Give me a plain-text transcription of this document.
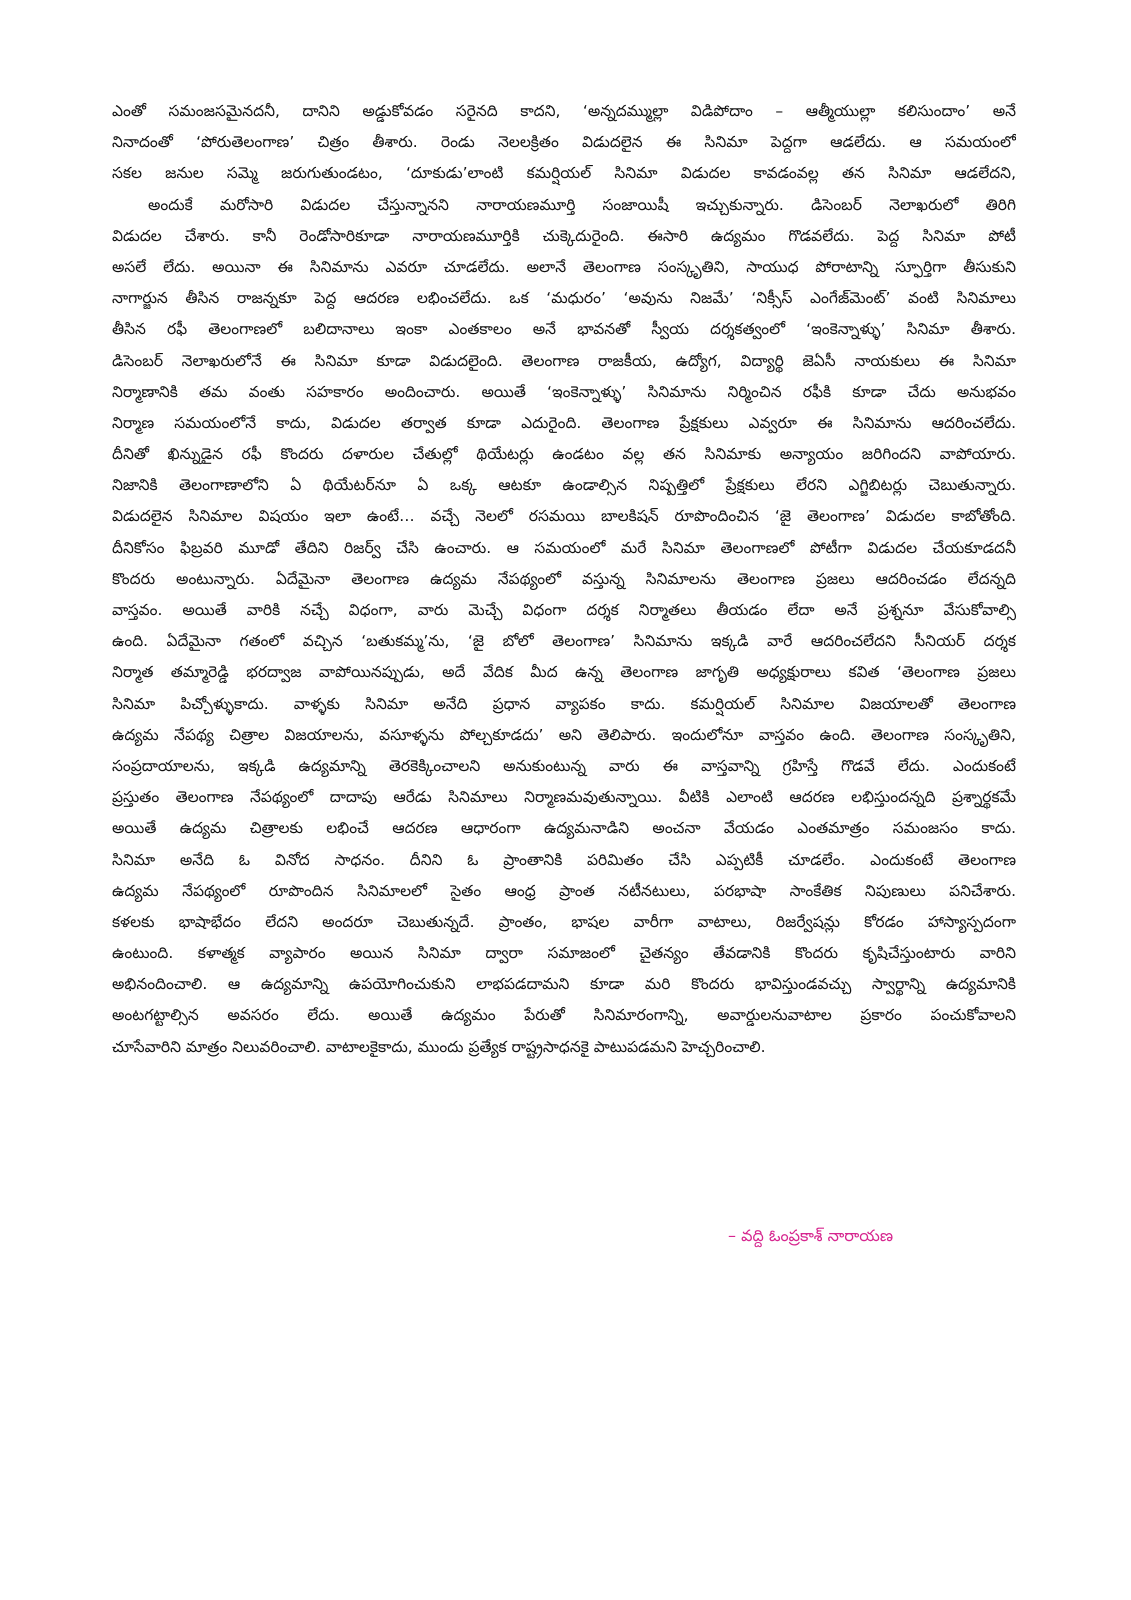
ఎంతో సమంజసమైనదనీ, దానిని అడ్డుకోవడం సరైనది కాదని, ‘అన్నదమ్ముల్లా విడిపోదాం – ఆత్మీయుల్లా కలిసుందాం’ అనే
నినాదంతో ‘పోరుతెలంగాణ’ చిత్రం తీశారు. రెండు నెలలక్రితం విడుదలైన ఈ సినిమా పెద్దగా ఆడలేదు. ఆ సమయంలో
సకల జనుల సమ్మె జరుగుతుండటం, ‘దూకుడు’లాంటి కమర్షియల్ సినిమా విడుదల కావడంవల్ల తన సినిమా ఆడలేదని,
అందుకే మరోసారి విడుదల చేస్తున్నానని నారాయణమూర్తి సంజాయిషీ ఇచ్చుకున్నారు. డిసెంబర్ నెలాఖరులో తిరిగి
విడుదల చేశారు. కానీ రెండోసారికూడా నారాయణమూర్తికి చుక్కెదురైంది. ఈసారి ఉద్యమం గొడవలేదు. పెద్ద సినిమా పోటీ
అసలే లేదు. అయినా ఈ సినిమాను ఎవరూ చూడలేదు. అలానే తెలంగాణ సంస్కృతిని, సాయుధ పోరాటాన్ని స్ఫూర్తిగా తీసుకుని
నాగార్జున తీసిన రాజన్నకూ పెద్ద ఆదరణ లభించలేదు. ఒక ‘మధురం’ ‘అవును నిజమే’ ‘నిక్సీస్ ఎంగేజ్‌మెంట్’ వంటి సినిమాలు
తీసిన రఫీ తెలంగాణలో బలిదానాలు ఇంకా ఎంతకాలం అనే భావనతో స్వీయ దర్శకత్వంలో ‘ఇంకెన్నాళ్ళు’ సినిమా తీశారు.
డిసెంబర్ నెలాఖరులోనే ఈ సినిమా కూడా విడుదలైంది. తెలంగాణ రాజకీయ, ఉద్యోగ, విద్యార్థి జెఏసీ నాయకులు ఈ సినిమా
నిర్మాణానికి తమ వంతు సహకారం అందించారు. అయితే ‘ఇంకెన్నాళ్ళు’ సినిమాను నిర్మించిన రఫీకి కూడా చేదు అనుభవం
నిర్మాణ సమయంలోనే కాదు, విడుదల తర్వాత కూడా ఎదురైంది. తెలంగాణ ప్రేక్షకులు ఎవ్వరూ ఈ సినిమాను ఆదరించలేదు.
దీనితో ఖిన్నుడైన రఫీ కొందరు దళారుల చేతుల్లో థియేటర్లు ఉండటం వల్ల తన సినిమాకు అన్యాయం జరిగిందని వాపోయారు.
నిజానికి తెలంగాణాలోని ఏ థియేటర్‌నూ ఏ ఒక్క ఆటకూ ఉండాల్సిన నిష్పత్తిలో ప్రేక్షకులు లేరని ఎగ్జిబిటర్లు చెబుతున్నారు.
విడుదలైన సినిమాల విషయం ఇలా ఉంటే… వచ్చే నెలలో రసమయి బాలకిషన్ రూపొందించిన ‘జై తెలంగాణ’ విడుదల కాబోతోంది.
దీనికోసం ఫిబ్రవరి మూడో తేదిని రిజర్వ్ చేసి ఉంచారు. ఆ సమయంలో మరే సినిమా తెలంగాణలో పోటీగా విడుదల చేయకూడదనీ
కొందరు అంటున్నారు. ఏదేమైనా తెలంగాణ ఉద్యమ నేపథ్యంలో వస్తున్న సినిమాలను తెలంగాణ ప్రజలు ఆదరించడం లేదన్నది
వాస్తవం. అయితే వారికి నచ్చే విధంగా, వారు మెచ్చే విధంగా దర్శక నిర్మాతలు తీయడం లేదా అనే ప్రశ్ననూ వేసుకోవాల్సి
ఉంది. ఏదేమైనా గతంలో వచ్చిన ‘బతుకమ్మ’ను, ‘జై బోలో తెలంగాణ’ సినిమాను ఇక్కడి వారే ఆదరించలేదని సీనియర్ దర్శక
నిర్మాత తమ్మారెడ్డి భరద్వాజ వాపోయినప్పుడు, అదే వేదిక మీద ఉన్న తెలంగాణ జాగృతి అధ్యక్షురాలు కవిత ‘తెలంగాణ ప్రజలు
సినిమా పిచ్చోళ్ళుకాదు. వాళ్ళకు సినిమా అనేది ప్రధాన వ్యాపకం కాదు. కమర్షియల్ సినిమాల విజయాలతో తెలంగాణ
ఉద్యమ నేపథ్య చిత్రాల విజయాలను, వసూళ్ళను పోల్చకూడదు’ అని తెలిపారు. ఇందులోనూ వాస్తవం ఉంది. తెలంగాణ సంస్కృతిని,
సంప్రదాయాలను, ఇక్కడి ఉద్యమాన్ని తెరకెక్కించాలని అనుకుంటున్న వారు ఈ వాస్తవాన్ని గ్రహిస్తే గొడవే లేదు. ఎందుకంటే
ప్రస్తుతం తెలంగాణ నేపథ్యంలో దాదాపు ఆరేడు సినిమాలు నిర్మాణమవుతున్నాయి. వీటికి ఎలాంటి ఆదరణ లభిస్తుందన్నది ప్రశ్నార్థకమే
అయితే ఉద్యమ చిత్రాలకు లభించే ఆదరణ ఆధారంగా ఉద్యమనాడిని అంచనా వేయడం ఎంతమాత్రం సమంజసం కాదు.
సినిమా అనేది ఓ వినోద సాధనం. దీనిని ఓ ప్రాంతానికి పరిమితం చేసి ఎప్పటికీ చూడలేం. ఎందుకంటే తెలంగాణ
ఉద్యమ నేపథ్యంలో రూపొందిన సినిమాలలో సైతం ఆంధ్ర ప్రాంత నటీనటులు, పరభాషా సాంకేతిక నిపుణులు పనిచేశారు.
కళలకు భాషాభేదం లేదని అందరూ చెబుతున్నదే. ప్రాంతం, భాషల వారీగా వాటాలు, రిజర్వేషన్లు కోరడం హాస్యాస్పదంగా
ఉంటుంది. కళాత్మక వ్యాపారం అయిన సినిమా ద్వారా సమాజంలో చైతన్యం తేవడానికి కొందరు కృషిచేస్తుంటారు వారిని
అభినందించాలి. ఆ ఉద్యమాన్ని ఉపయోగించుకుని లాభపడదామని కూడా మరి కొందరు భావిస్తుండవచ్చు స్వార్థాన్ని ఉద్యమానికి
అంటగట్టాల్సిన అవసరం లేదు. అయితే ఉద్యమం పేరుతో సినిమారంగాన్ని, అవార్డులనువాటాల ప్రకారం పంచుకోవాలని
చూసేవారిని మాత్రం నిలువరించాలి. వాటాలకైకాదు, ముందు ప్రత్యేక రాష్ట్రసాధనకై పాటుపడమని హెచ్చరించాలి.
– వద్ది ఓంప్రకాశ్ నారాయణ
